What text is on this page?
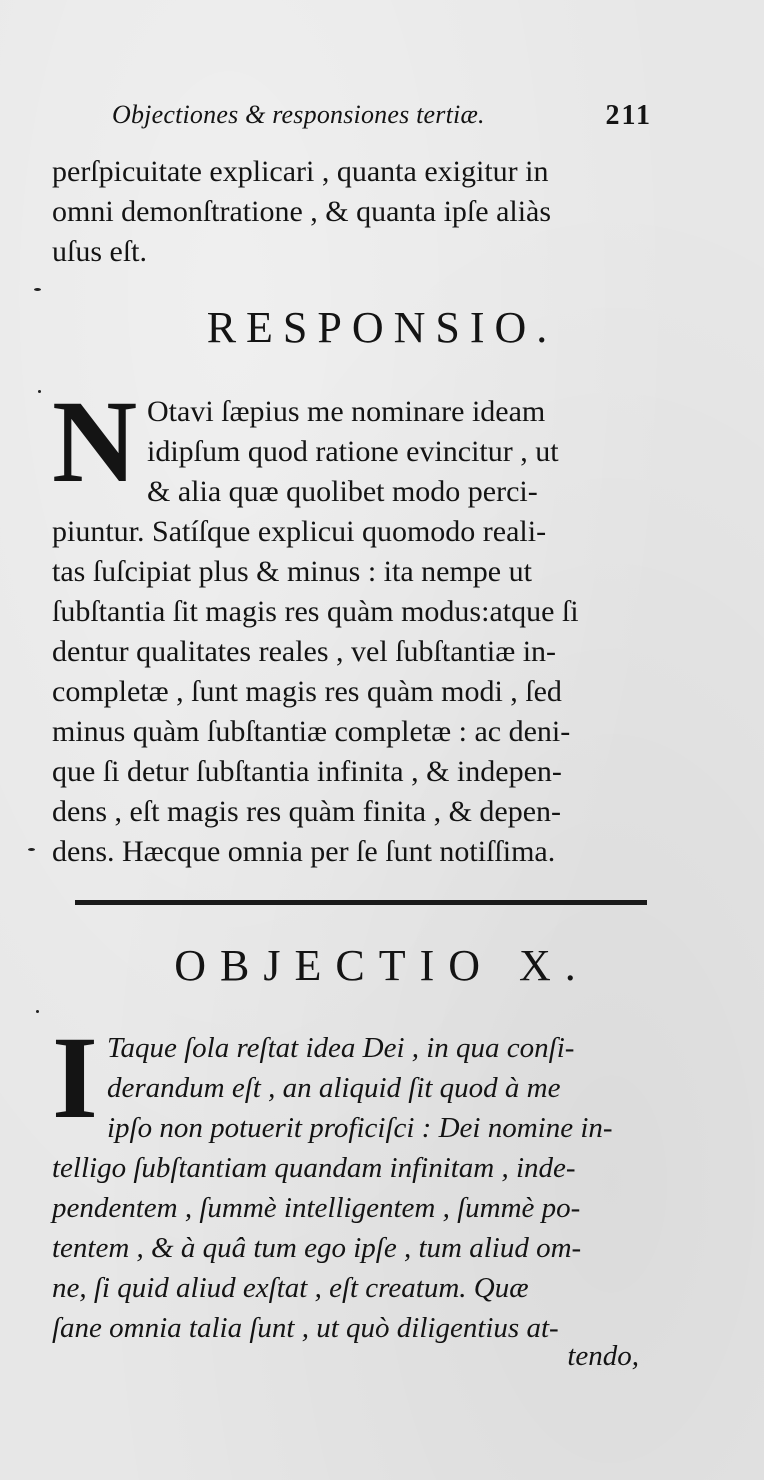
Objectiones & responsiones tertiæ.	211
perſpicuitate explicari , quanta exigitur in
omni demonſtratione , & quanta ipſe aliàs
uſus eſt.
RESPONSIO.
N Otavi ſæpius me nominare ideam
idipſum quod ratione evincitur , ut
& alia quæ quolibet modo perci-
piuntur. Satíſque explicui quomodo reali-
tas ſuſcipiat plus & minus : ita nempe ut
ſubſtantia ſit magis res quàm modus:atque ſi
dentur qualitates reales , vel ſubſtantiæ in-
completæ , ſunt magis res quàm modi , ſed
minus quàm ſubſtantiæ completæ : ac deni-
que ſi detur ſubſtantia infinita , & indepen-
dens , eſt magis res quàm finita , & depen-
dens. Hæcque omnia per ſe ſunt notiſſima.
OBJECTIO X.
I Taque ſola reſtat idea Dei , in qua conſi-
derandum eſt , an aliquid ſit quod à me
ipſo non potuerit proficiſci : Dei nomine in-
telligo ſubſtantiam quandam infinitam , inde-
pendentem , ſummè intelligentem , ſummè po-
tentem , & à quâ tum ego ipſe , tum aliud om-
ne, ſi quid aliud exſtat , eſt creatum. Quæ
ſane omnia talia ſunt , ut quò diligentius at-
tendo,
